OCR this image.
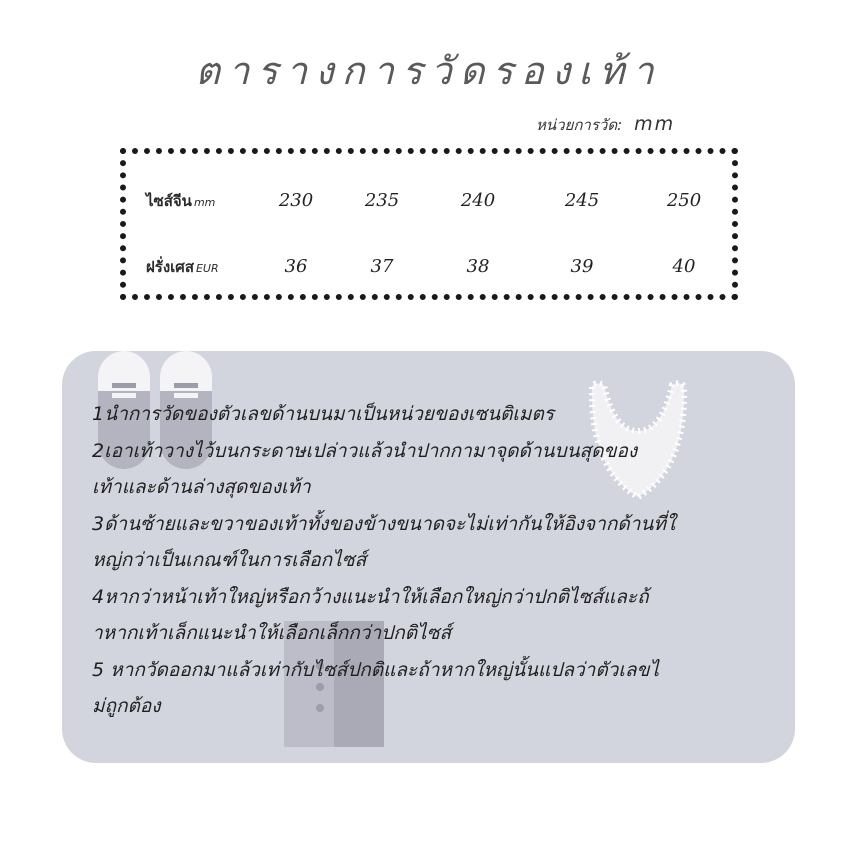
ตารางการวัดรองเท้า
หน่วยการวัด: mm
ไซส์จีน mm	230	235	240	245	250
ฝรั่งเศส EUR	36	37	38	39	40
1นำการวัดของตัวเลขด้านบนมาเป็นหน่วยของเซนติเมตร
2เอาเท้าวางไว้บนกระดาษเปล่าวแล้วนำปากกามาจุดด้านบนสุดของ
เท้าและด้านล่างสุดของเท้า
3ด้านซ้ายและขวาของเท้าทั้งของข้างขนาดจะไม่เท่ากันให้อิงจากด้านที่ใ
หญ่กว่าเป็นเกณฑ์ในการเลือกไซส์
4หากว่าหน้าเท้าใหญ่หรือกว้างแนะนำให้เลือกใหญ่กว่าปกติไซส์และถ้
าหากเท้าเล็กแนะนำให้เลือกเล็กกว่าปกติไซส์
5 หากวัดออกมาแล้วเท่ากับไซส์ปกติและถ้าหากใหญ่นั้นแปลว่าตัวเลขไ
ม่ถูกต้อง
